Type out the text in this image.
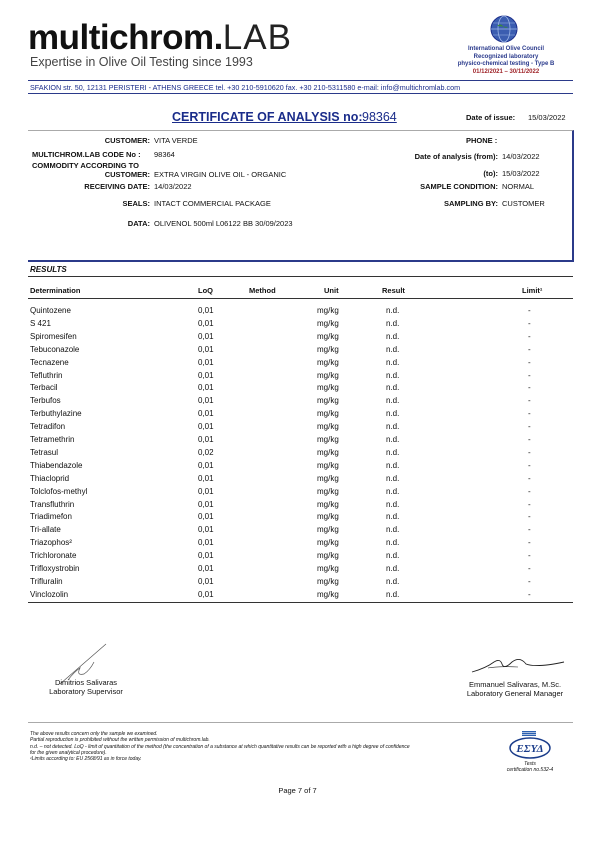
multichrom.LAB
Expertise in Olive Oil Testing since 1993
International Olive Council
Recognized laboratory
physico-chemical testing - Type B
01/12/2021 – 30/11/2022
SFAKION str. 50, 12131 PERISTERI - ATHENS GREECE tel. +30 210-5910620 fax. +30 210-5311580 e-mail: info@multichromlab.com
CERTIFICATE OF ANALYSIS no: 98364	Date of issue: 15/03/2022
CUSTOMER: VITA VERDE	PHONE :
MULTICHROM.LAB CODE No : 98364	Date of analysis (from): 14/03/2022
COMMODITY ACCORDING TO
CUSTOMER: EXTRA VIRGIN OLIVE OIL - ORGANIC	(to): 15/03/2022
RECEIVING DATE: 14/03/2022	SAMPLE CONDITION: NORMAL
SEALS: INTACT COMMERCIAL PACKAGE	SAMPLING BY: CUSTOMER
DATA: OLIVENOL 500ml L06122 BB 30/09/2023
RESULTS
Determination	LoQ	Method	Unit	Result	Limit¹
Quintozene	0,01	mg/kg	n.d.	-
S 421	0,01	mg/kg	n.d.	-
Spiromesifen	0,01	mg/kg	n.d.	-
Tebuconazole	0,01	mg/kg	n.d.	-
Tecnazene	0,01	mg/kg	n.d.	-
Tefluthrin	0,01	mg/kg	n.d.	-
Terbacil	0,01	mg/kg	n.d.	-
Terbufos	0,01	mg/kg	n.d.	-
Terbuthylazine	0,01	mg/kg	n.d.	-
Tetradifon	0,01	mg/kg	n.d.	-
Tetramethrin	0,01	mg/kg	n.d.	-
Tetrasul	0,02	mg/kg	n.d.	-
Thiabendazole	0,01	mg/kg	n.d.	-
Thiacloprid	0,01	mg/kg	n.d.	-
Tolclofos-methyl	0,01	mg/kg	n.d.	-
Transfluthrin	0,01	mg/kg	n.d.	-
Triadimefon	0,01	mg/kg	n.d.	-
Tri-allate	0,01	mg/kg	n.d.	-
Triazophos²	0,01	mg/kg	n.d.	-
Trichloronate	0,01	mg/kg	n.d.	-
Trifloxystrobin	0,01	mg/kg	n.d.	-
Trifluralin	0,01	mg/kg	n.d.	-
Vinclozolin	0,01	mg/kg	n.d.	-
Dimitrios Salivaras
Laboratory Supervisor
Emmanuel Salivaras, M.Sc.
Laboratory General Manager
The above results concern only the sample we examined.
Partial reproduction is prohibited without the written permission of multichrom.lab.
n.d. – not detected. LoQ - limit of quantitation of the method (the concentration of a substance at which quantitative results can be reported with a high degree of confidence
for the given analytical procedure).
¹Limits according to: EU 2568/91 as in force today.
ΕΣΥΔ
Tests
certification no.532-4
Page 7 of 7
